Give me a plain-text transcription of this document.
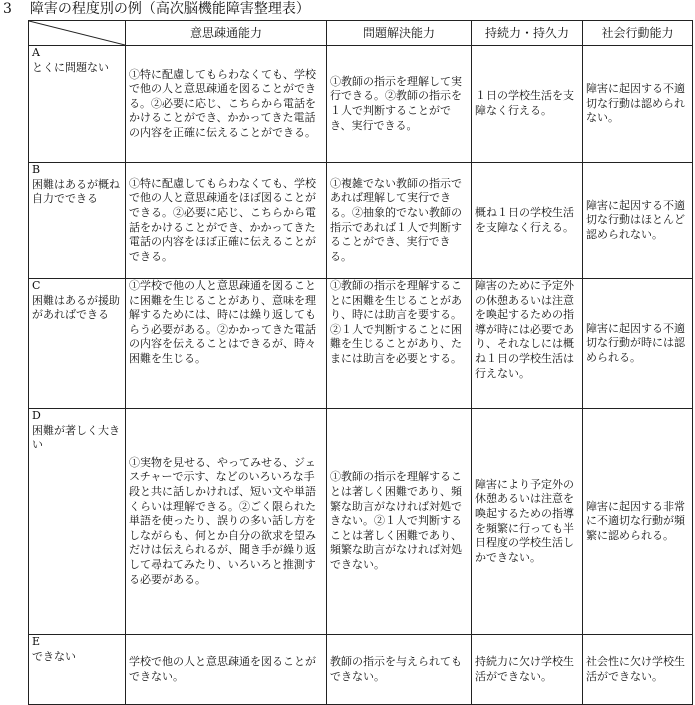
3 障害の程度別の例（高次脳機能障害整理表）
	意思疎通能力	問題解決能力	持続力・持久力	社会行動能力

A
とくに問題ない	①特に配慮してもらわなくても、学校で他の人と意思疎通を図ることができる。②必要に応じ、こちらから電話をかけることができ、かかってきた電話の内容を正確に伝えることができる。	①教師の指示を理解して実行できる。②教師の指示を１人で判断することができ、実行できる。	１日の学校生活を支障なく行える。	障害に起因する不適切な行動は認められない。

B
困難はあるが概ね自力でできる	①特に配慮してもらわなくても、学校で他の人と意思疎通をほぼ図ることができる。②必要に応じ、こちらから電話をかけることができ、かかってきた電話の内容をほぼ正確に伝えることができる。	①複雑でない教師の指示であれば理解して実行できる。②抽象的でない教師の指示であれば１人で判断することができ、実行できる。	概ね１日の学校生活を支障なく行える。	障害に起因する不適切な行動はほとんど認められない。

C
困難はあるが援助があればできる	①学校で他の人と意思疎通を図ることに困難を生じることがあり、意味を理解するためには、時には繰り返してもらう必要がある。②かかってきた電話の内容を伝えることはできるが、時々困難を生じる。	①教師の指示を理解することに困難を生じることがあり、時には助言を要する。②１人で判断することに困難を生じることがあり、たまには助言を必要とする。	障害のために予定外の休憩あるいは注意を喚起するための指導が時には必要であり、それなしには概ね１日の学校生活は行えない。	障害に起因する不適切な行動が時には認められる。

D
困難が著しく大きい	①実物を見せる、やってみせる、ジェスチャーで示す、などのいろいろな手段と共に話しかければ、短い文や単語くらいは理解できる。②ごく限られた単語を使ったり、誤りの多い話し方をしながらも、何とか自分の欲求を望みだけは伝えられるが、聞き手が繰り返して尋ねてみたり、いろいろと推測する必要がある。	①教師の指示を理解することは著しく困難であり、頻繁な助言がなければ対処できない。②１人で判断することは著しく困難であり、頻繁な助言がなければ対処できない。	障害により予定外の休憩あるいは注意を喚起するための指導を頻繁に行っても半日程度の学校生活しかできない。	障害に起因する非常に不適切な行動が頻繁に認められる。

E
できない	学校で他の人と意思疎通を図ることができない。	教師の指示を与えられてもできない。	持続力に欠け学校生活ができない。	社会性に欠け学校生活ができない。
